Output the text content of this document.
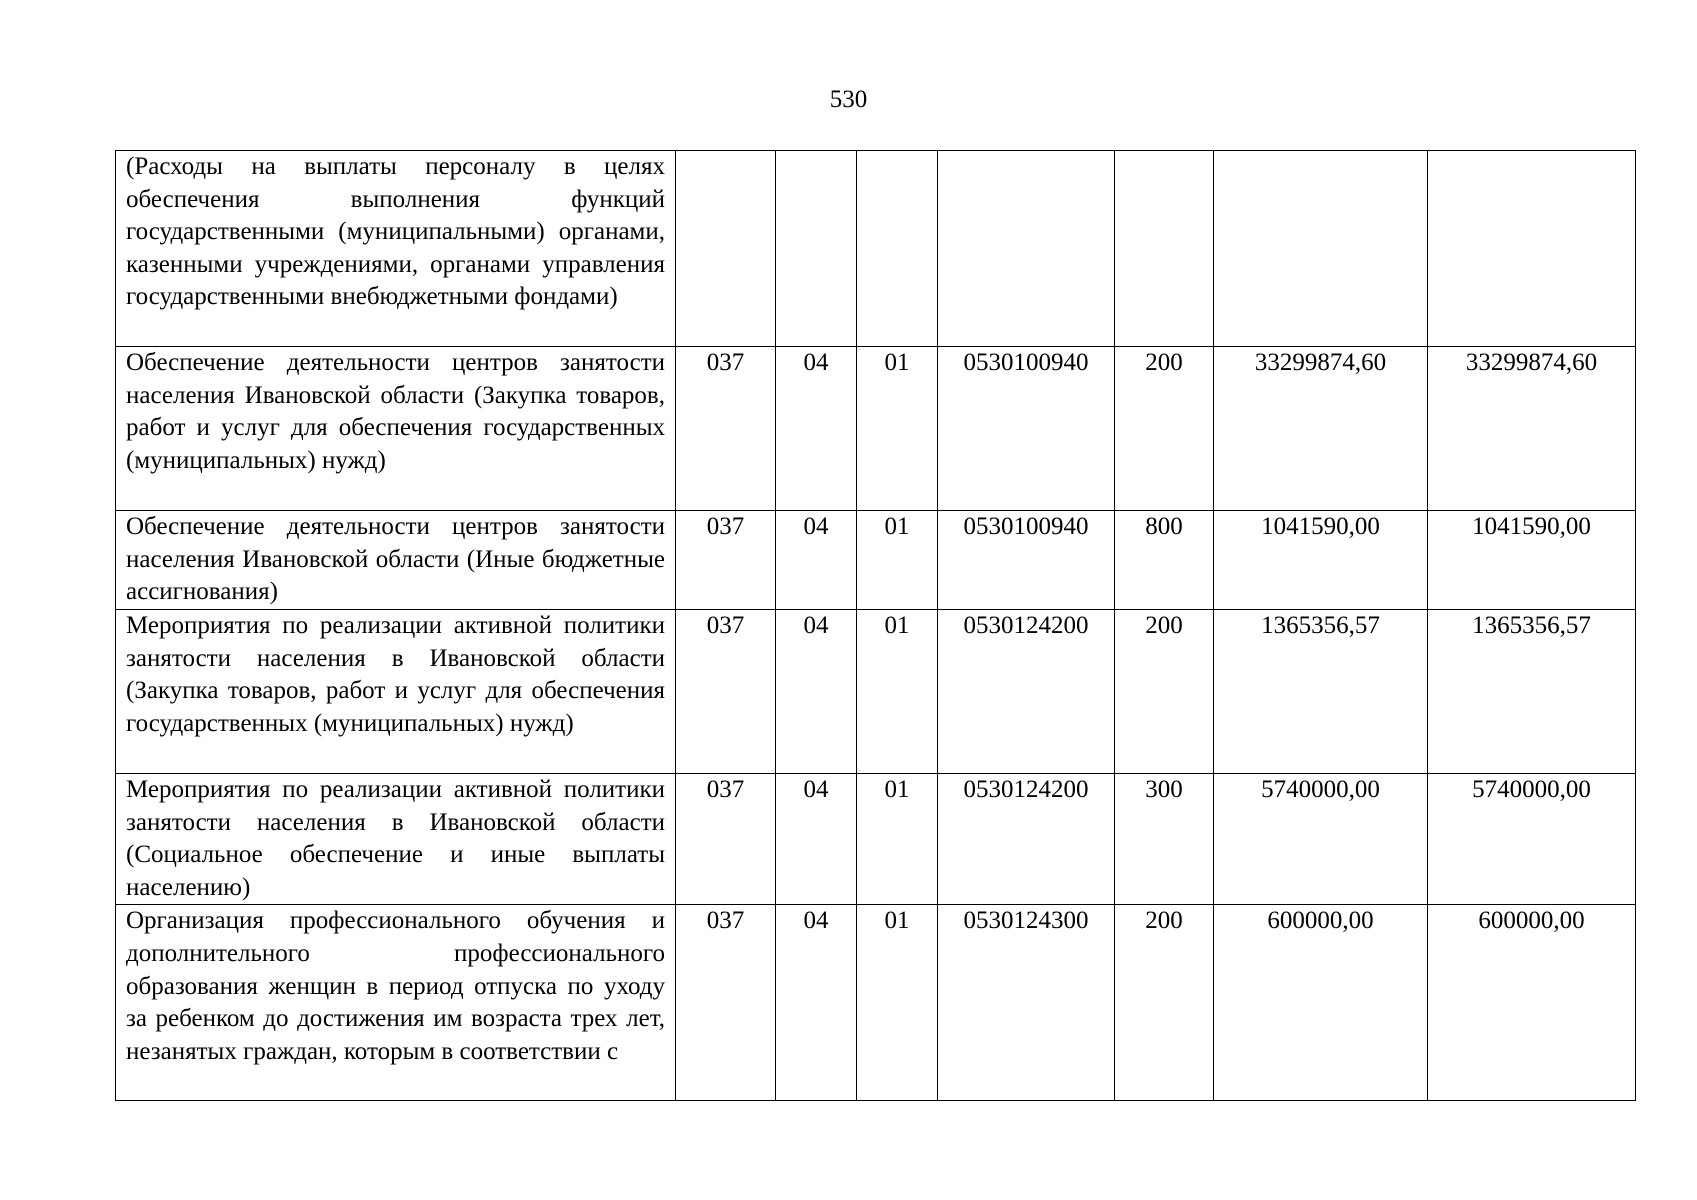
530
(Расходы на выплаты персоналу в целях обеспечения выполнения функций государственными (муниципальными) органами, казенными учреждениями, органами управления государственными внебюджетными фондами)							
Обеспечение деятельности центров занятости населения Ивановской области (Закупка товаров, работ и услуг для обеспечения государственных (муниципальных) нужд)	037	04	01	0530100940	200	33299874,60	33299874,60
Обеспечение деятельности центров занятости населения Ивановской области (Иные бюджетные ассигнования)	037	04	01	0530100940	800	1041590,00	1041590,00
Мероприятия по реализации активной политики занятости населения в Ивановской области (Закупка товаров, работ и услуг для обеспечения государственных (муниципальных) нужд)	037	04	01	0530124200	200	1365356,57	1365356,57
Мероприятия по реализации активной политики занятости населения в Ивановской области (Социальное обеспечение и иные выплаты населению)	037	04	01	0530124200	300	5740000,00	5740000,00
Организация профессионального обучения и дополнительного профессионального образования женщин в период отпуска по уходу за ребенком до достижения им возраста трех лет, незанятых граждан, которым в соответствии с	037	04	01	0530124300	200	600000,00	600000,00
